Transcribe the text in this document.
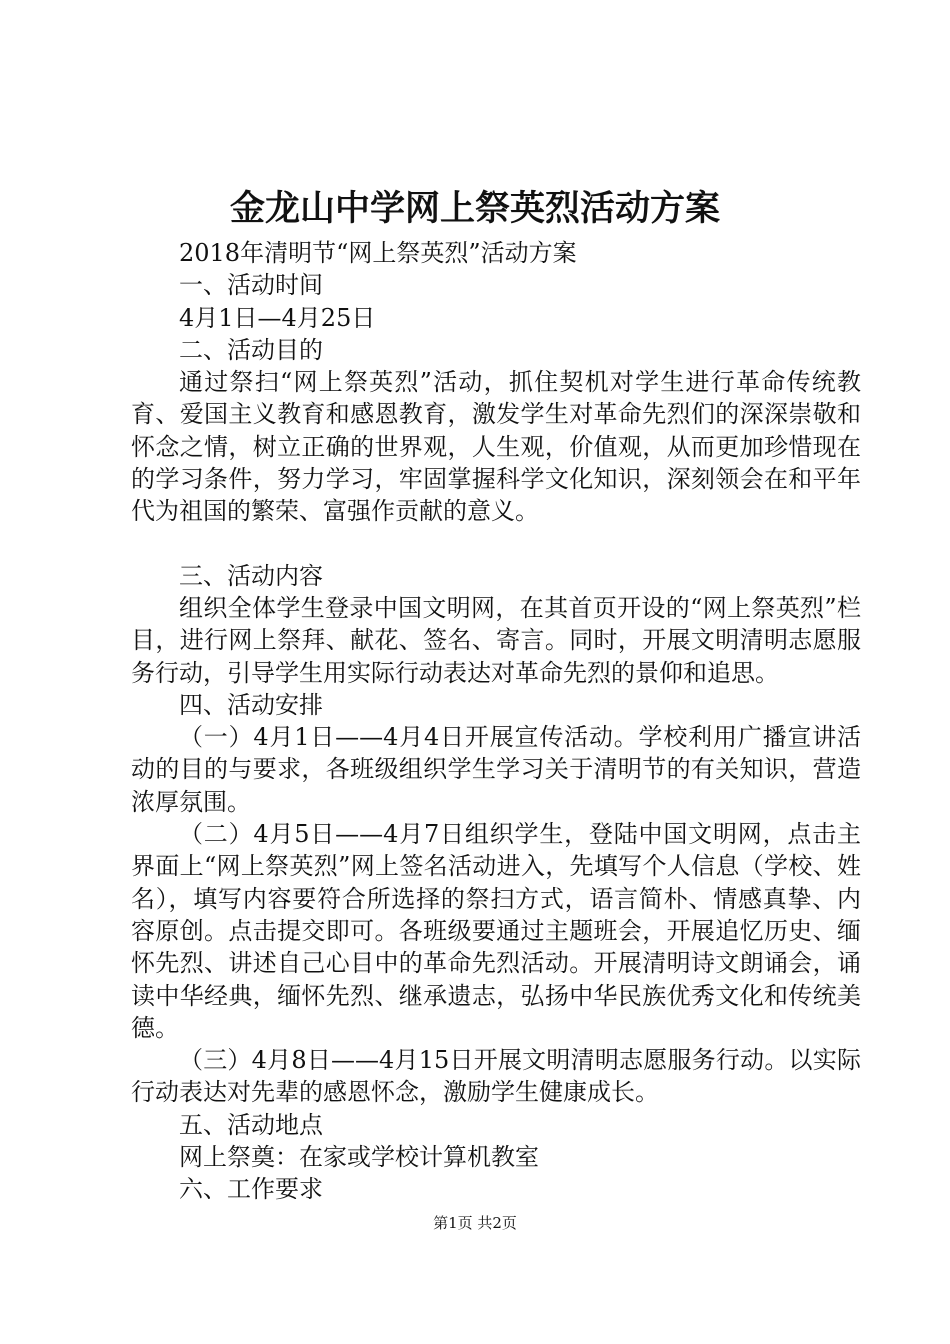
金龙山中学网上祭英烈活动方案
2018年清明节“网上祭英烈”活动方案
一、活动时间
4月1日—4月25日
二、活动目的
通过祭扫“网上祭英烈”活动，抓住契机对学生进行革命传统教育、爱国主义教育和感恩教育，激发学生对革命先烈们的深深崇敬和怀念之情，树立正确的世界观，人生观，价值观，从而更加珍惜现在的学习条件，努力学习，牢固掌握科学文化知识，深刻领会在和平年代为祖国的繁荣、富强作贡献的意义。
三、活动内容
组织全体学生登录中国文明网，在其首页开设的“网上祭英烈”栏目，进行网上祭拜、献花、签名、寄言。同时，开展文明清明志愿服务行动，引导学生用实际行动表达对革命先烈的景仰和追思。
四、活动安排
（一）4月1日——4月4日开展宣传活动。学校利用广播宣讲活动的目的与要求，各班级组织学生学习关于清明节的有关知识，营造浓厚氛围。
（二）4月5日——4月7日组织学生，登陆中国文明网，点击主界面上“网上祭英烈”网上签名活动进入，先填写个人信息（学校、姓名），填写内容要符合所选择的祭扫方式，语言简朴、情感真挚、内容原创。点击提交即可。各班级要通过主题班会，开展追忆历史、缅怀先烈、讲述自己心目中的革命先烈活动。开展清明诗文朗诵会，诵读中华经典，缅怀先烈、继承遗志，弘扬中华民族优秀文化和传统美德。
（三）4月8日——4月15日开展文明清明志愿服务行动。以实际行动表达对先辈的感恩怀念，激励学生健康成长。
五、活动地点
网上祭奠：在家或学校计算机教室
六、工作要求
第1页 共2页
